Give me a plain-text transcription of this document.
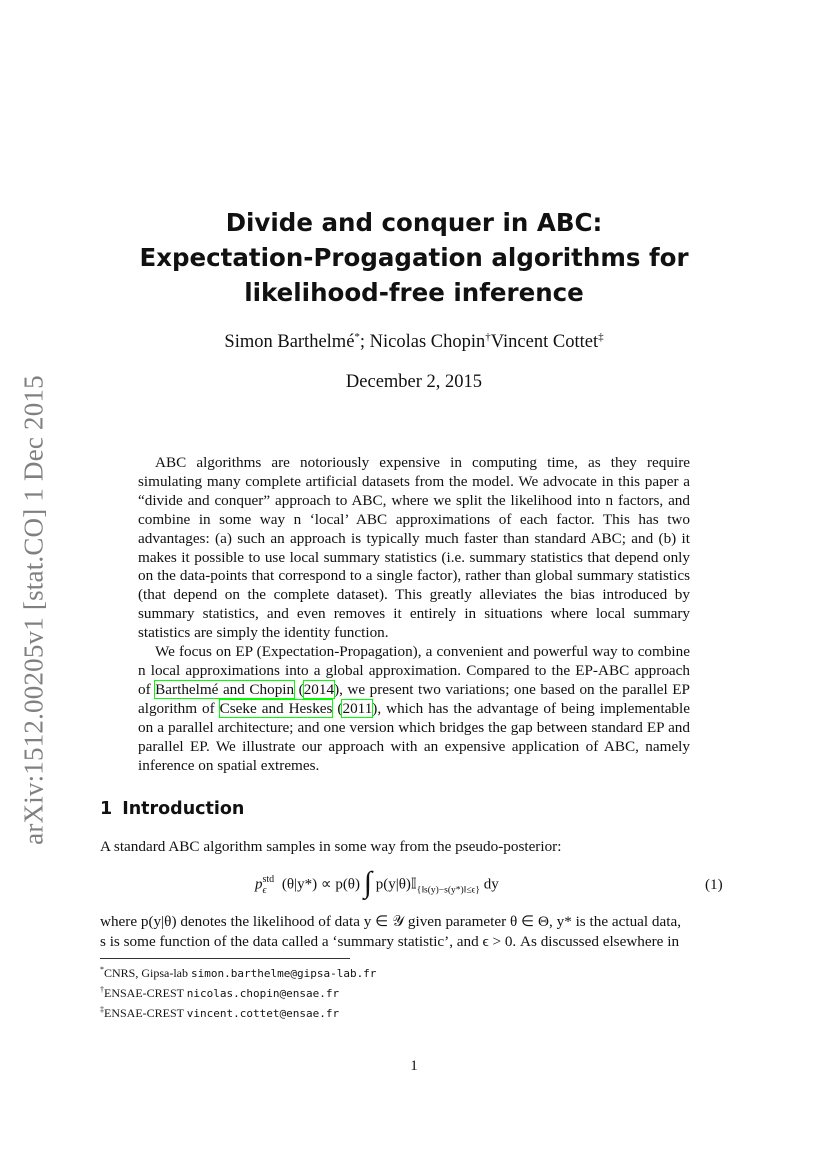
arXiv:1512.00205v1 [stat.CO] 1 Dec 2015
Divide and conquer in ABC:
Expectation-Progagation algorithms for
likelihood-free inference
Simon Barthelmé*; Nicolas Chopin†Vincent Cottet‡
December 2, 2015

ABC algorithms are notoriously expensive in computing time, as they require simulating many complete artificial datasets from the model. We advocate in this paper a “divide and conquer” approach to ABC, where we split the likelihood into n factors, and combine in some way n ‘local’ ABC approximations of each factor. This has two advantages: (a) such an approach is typically much faster than standard ABC; and (b) it makes it possible to use local summary statistics (i.e. summary statistics that depend only on the data-points that correspond to a single factor), rather than global summary statistics (that depend on the complete dataset). This greatly alleviates the bias introduced by summary statistics, and even removes it entirely in situations where local summary statistics are simply the identity function.

We focus on EP (Expectation-Propagation), a convenient and powerful way to combine n local approximations into a global approximation. Compared to the EP-ABC approach of Barthelmé and Chopin (2014), we present two variations; one based on the parallel EP algorithm of Cseke and Heskes (2011), which has the advantage of being implementable on a parallel architecture; and one version which bridges the gap between standard EP and parallel EP. We illustrate our approach with an expensive application of ABC, namely inference on spatial extremes.

1 Introduction
A standard ABC algorithm samples in some way from the pseudo-posterior:
pstd
ϵ (θ|y*) ∝ p(θ) ∫ p(y|θ)𝕀$_{\{‖s(y)-s(y*)‖\le\epsilon\}}$ dy	(1)
where p(y|θ) denotes the likelihood of data y ∈ 𝒴 given parameter θ ∈ Θ, y* is the actual data,
s is some function of the data called a ‘summary statistic’, and ϵ > 0. As discussed elsewhere in
*CNRS, Gipsa-lab simon.barthelme@gipsa-lab.fr
†ENSAE-CREST nicolas.chopin@ensae.fr
‡ENSAE-CREST vincent.cottet@ensae.fr
1
